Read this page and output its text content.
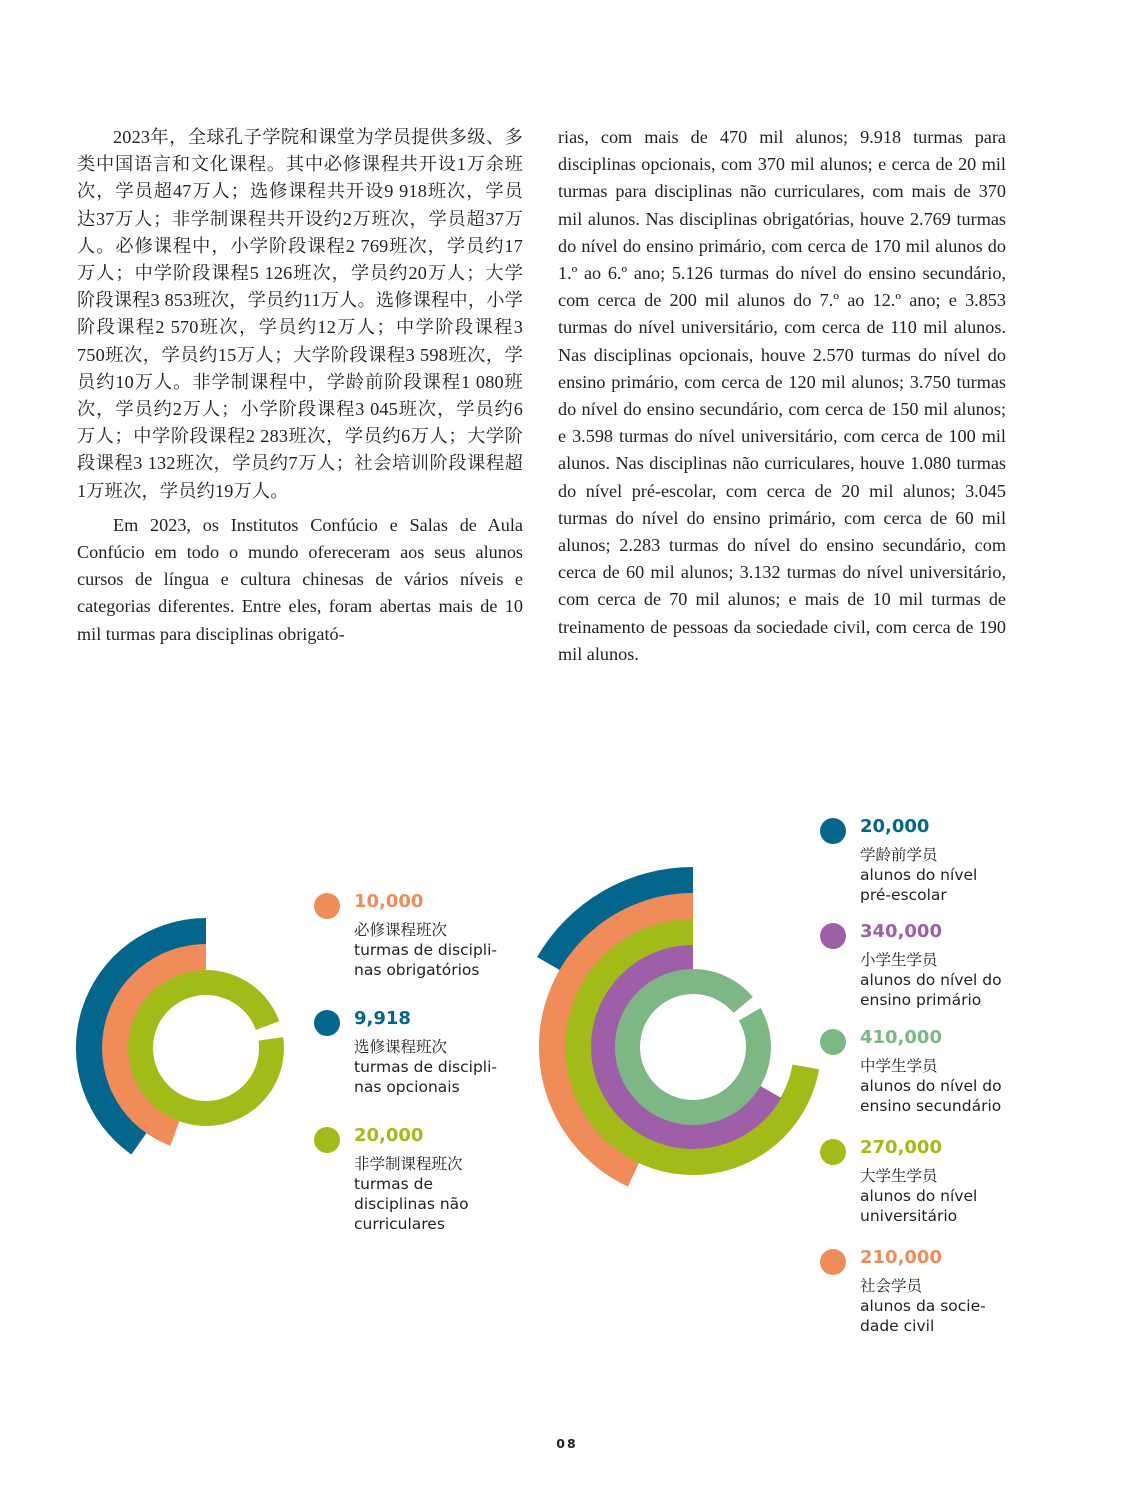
2023年，全球孔子学院和课堂为学员提供多级、多类中国语言和文化课程。其中必修课程共开设1万余班次，学员超47万人；选修课程共开设9 918班次，学员达37万人；非学制课程共开设约2万班次，学员超37万人。必修课程中，小学阶段课程2 769班次，学员约17万人；中学阶段课程5 126班次，学员约20万人；大学阶段课程3 853班次，学员约11万人。选修课程中，小学阶段课程2 570班次，学员约12万人；中学阶段课程3 750班次，学员约15万人；大学阶段课程3 598班次，学员约10万人。非学制课程中，学龄前阶段课程1 080班次，学员约2万人；小学阶段课程3 045班次，学员约6万人；中学阶段课程2 283班次，学员约6万人；大学阶段课程3 132班次，学员约7万人；社会培训阶段课程超1万班次，学员约19万人。

Em 2023, os Institutos Confúcio e Salas de Aula Confúcio em todo o mundo ofereceram aos seus alunos cursos de língua e cultura chinesas de vários níveis e categorias diferentes. Entre eles, foram abertas mais de 10 mil turmas para disciplinas obrigató-

rias, com mais de 470 mil alunos; 9.918 turmas para disciplinas opcionais, com 370 mil alunos; e cerca de 20 mil turmas para disciplinas não curriculares, com mais de 370 mil alunos. Nas disciplinas obrigatórias, houve 2.769 turmas do nível do ensino primário, com cerca de 170 mil alunos do 1.º ao 6.º ano; 5.126 turmas do nível do ensino secundário, com cerca de 200 mil alunos do 7.º ao 12.º ano; e 3.853 turmas do nível universitário, com cerca de 110 mil alunos. Nas disciplinas opcionais, houve 2.570 turmas do nível do ensino primário, com cerca de 120 mil alunos; 3.750 turmas do nível do ensino secundário, com cerca de 150 mil alunos; e 3.598 turmas do nível universitário, com cerca de 100 mil alunos. Nas disciplinas não curriculares, houve 1.080 turmas do nível pré-escolar, com cerca de 20 mil alunos; 3.045 turmas do nível do ensino primário, com cerca de 60 mil alunos; 2.283 turmas do nível do ensino secundário, com cerca de 60 mil alunos; 3.132 turmas do nível universitário, com cerca de 70 mil alunos; e mais de 10 mil turmas de treinamento de pessoas da sociedade civil, com cerca de 190 mil alunos.

10,000
必修课程班次
turmas de discipli-
nas obrigatórios
9,918
选修课程班次
turmas de discipli-
nas opcionais
20,000
非学制课程班次
turmas de
disciplinas não
curriculares
20,000
学龄前学员
alunos do nível
pré-escolar
340,000
小学生学员
alunos do nível do
ensino primário
410,000
中学生学员
alunos do nível do
ensino secundário
270,000
大学生学员
alunos do nível
universitário
210,000
社会学员
alunos da socie-
dade civil
08
